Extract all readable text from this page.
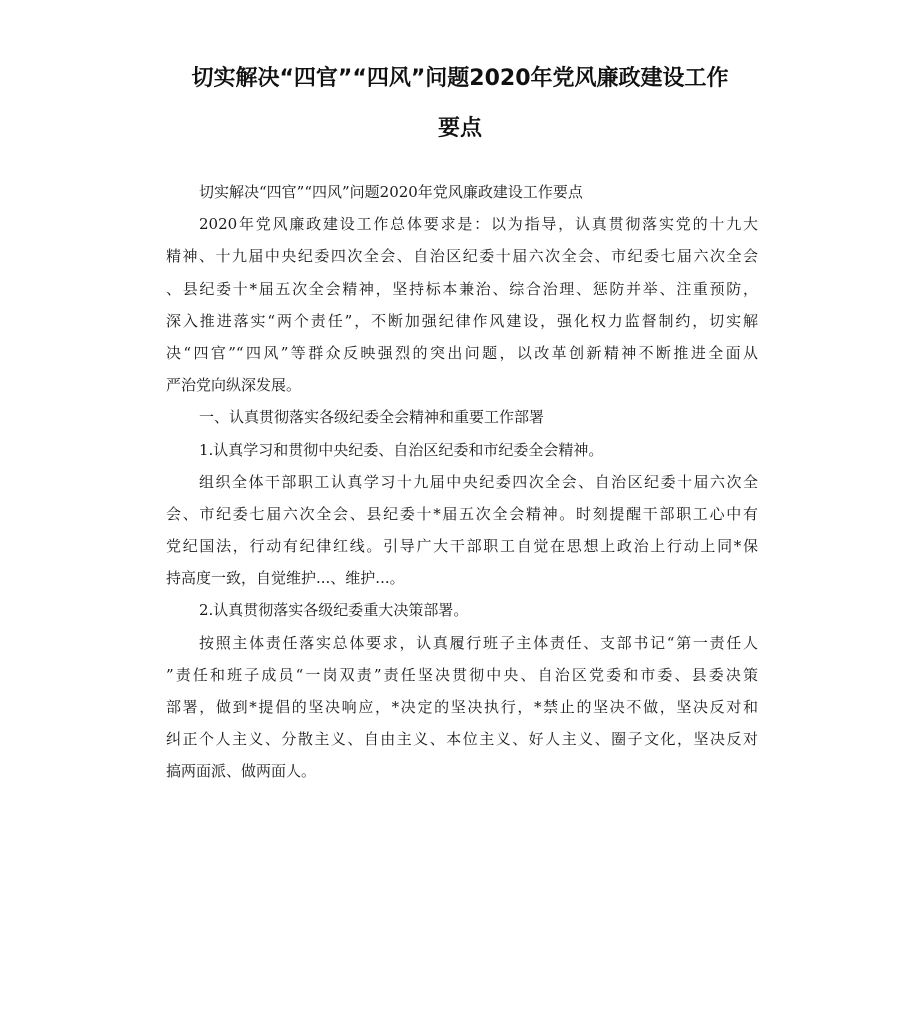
切实解决“四官”“四风”问题2020年党风廉政建设工作
要点
切实解决“四官”“四风”问题2020年党风廉政建设工作要点
2020年党风廉政建设工作总体要求是：以为指导，认真贯彻落实党的十九大
精神、十九届中央纪委四次全会、自治区纪委十届六次全会、市纪委七届六次全会
、县纪委十*届五次全会精神，坚持标本兼治、综合治理、惩防并举、注重预防，
深入推进落实“两个责任”，不断加强纪律作风建设，强化权力监督制约，切实解
决“四官”“四风”等群众反映强烈的突出问题，以改革创新精神不断推进全面从
严治党向纵深发展。
一、认真贯彻落实各级纪委全会精神和重要工作部署
1.认真学习和贯彻中央纪委、自治区纪委和市纪委全会精神。
组织全体干部职工认真学习十九届中央纪委四次全会、自治区纪委十届六次全
会、市纪委七届六次全会、县纪委十*届五次全会精神。时刻提醒干部职工心中有
党纪国法，行动有纪律红线。引导广大干部职工自觉在思想上政治上行动上同*保
持高度一致，自觉维护...、维护...。
2.认真贯彻落实各级纪委重大决策部署。
按照主体责任落实总体要求，认真履行班子主体责任、支部书记“第一责任人
”责任和班子成员“一岗双责”责任坚决贯彻中央、自治区党委和市委、县委决策
部署，做到*提倡的坚决响应，*决定的坚决执行，*禁止的坚决不做，坚决反对和
纠正个人主义、分散主义、自由主义、本位主义、好人主义、圈子文化，坚决反对
搞两面派、做两面人。
